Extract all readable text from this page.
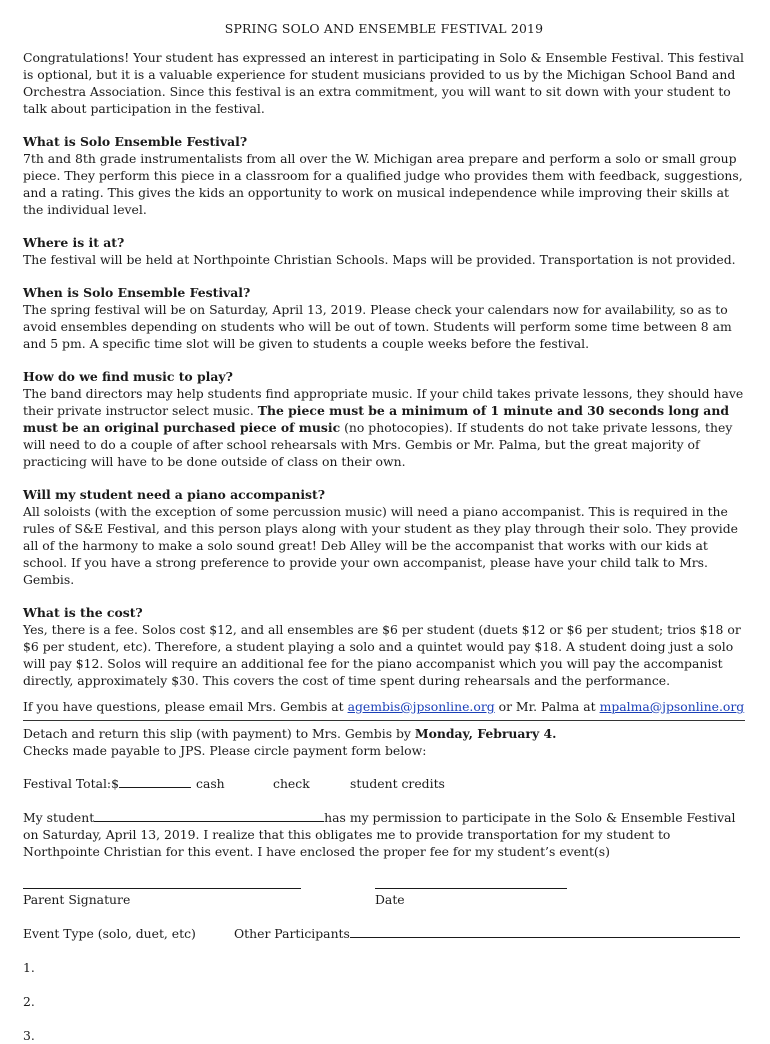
SPRING SOLO AND ENSEMBLE FESTIVAL 2019

Congratulations! Your student has expressed an interest in participating in Solo & Ensemble Festival. This festival is optional, but it is a valuable experience for student musicians provided to us by the Michigan School Band and Orchestra Association. Since this festival is an extra commitment, you will want to sit down with your student to talk about participation in the festival.

What is Solo Ensemble Festival?
7th and 8th grade instrumentalists from all over the W. Michigan area prepare and perform a solo or small group piece. They perform this piece in a classroom for a qualified judge who provides them with feedback, suggestions, and a rating. This gives the kids an opportunity to work on musical independence while improving their skills at the individual level.

Where is it at?
The festival will be held at Northpointe Christian Schools. Maps will be provided. Transportation is not provided.

When is Solo Ensemble Festival?
The spring festival will be on Saturday, April 13, 2019. Please check your calendars now for availability, so as to avoid ensembles depending on students who will be out of town. Students will perform some time between 8 am and 5 pm. A specific time slot will be given to students a couple weeks before the festival.

How do we find music to play?
The band directors may help students find appropriate music. If your child takes private lessons, they should have their private instructor select music. The piece must be a minimum of 1 minute and 30 seconds long and must be an original purchased piece of music (no photocopies). If students do not take private lessons, they will need to do a couple of after school rehearsals with Mrs. Gembis or Mr. Palma, but the great majority of practicing will have to be done outside of class on their own.

Will my student need a piano accompanist?
All soloists (with the exception of some percussion music) will need a piano accompanist. This is required in the rules of S&E Festival, and this person plays along with your student as they play through their solo. They provide all of the harmony to make a solo sound great! Deb Alley will be the accompanist that works with our kids at school. If you have a strong preference to provide your own accompanist, please have your child talk to Mrs. Gembis.

What is the cost?
Yes, there is a fee. Solos cost $12, and all ensembles are $6 per student (duets $12 or $6 per student; trios $18 or $6 per student, etc). Therefore, a student playing a solo and a quintet would pay $18. A student doing just a solo will pay $12. Solos will require an additional fee for the piano accompanist which you will pay the accompanist directly, approximately $30. This covers the cost of time spent during rehearsals and the performance.

If you have questions, please email Mrs. Gembis at agembis@jpsonline.org or Mr. Palma at mpalma@jpsonline.org

Detach and return this slip (with payment) to Mrs. Gembis by Monday, February 4.

Checks made payable to JPS. Please circle payment form below:

Festival Total:$	cash	check	student credits

My student	has my permission to participate in the Solo & Ensemble Festival on Saturday, April 13, 2019. I realize that this obligates me to provide transportation for my student to Northpointe Christian for this event. I have enclosed the proper fee for my student’s event(s)

Parent Signature	Date
Event Type (solo, duet, etc)	Other Participants

1.

2.

3.
